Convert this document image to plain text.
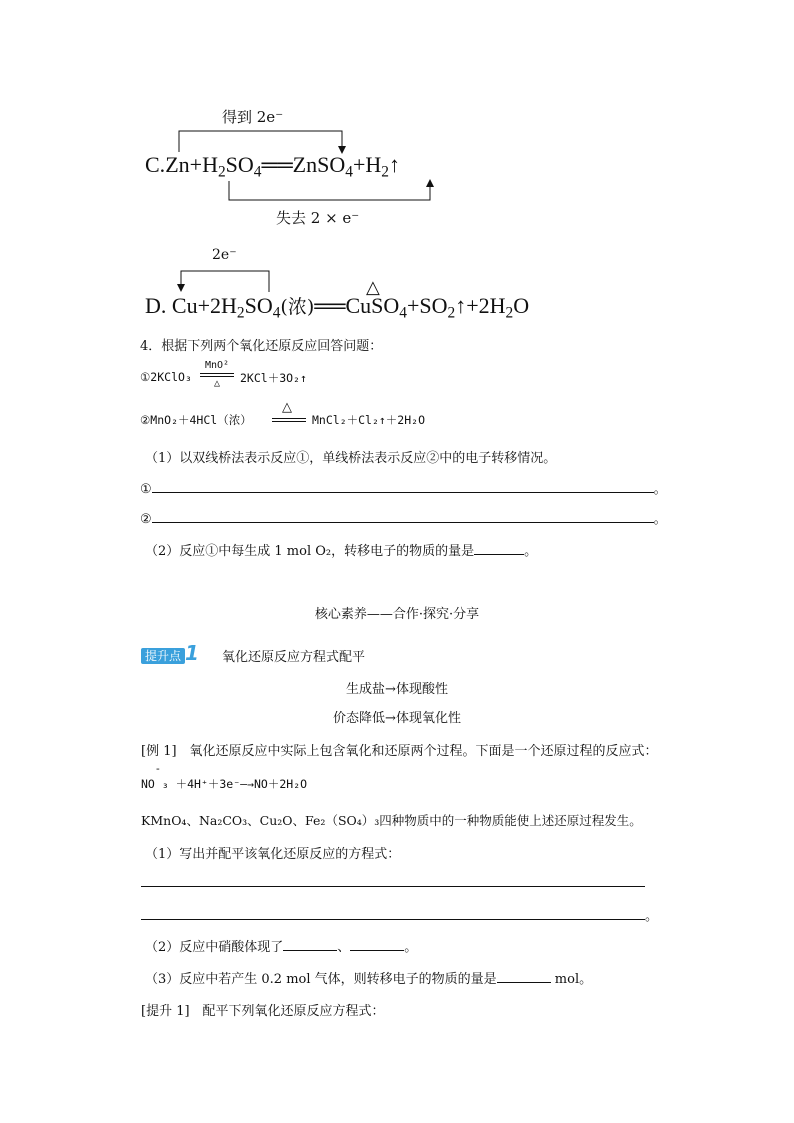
得到 2e⁻
$C.Zn+H_2SO_4══ZnSO_4+H_2↑$
失去 2 × e⁻
2e⁻
△
D. $Cu+2H_2SO_4$(浓)$══CuSO_4+SO_2↑+2H_2O$
4．根据下列两个氧化还原反应回答问题：
①2KClO₃
MnO²
△	2KCl＋3O₂↑
②MnO₂＋4HCl（浓）
△
MnCl₂＋Cl₂↑＋2H₂O
（1）以双线桥法表示反应①，单线桥法表示反应②中的电子转移情况。
①	。
②	。
（2）反应①中每生成 1 mol O₂，转移电子的物质的量是	。
核心素养——合作·探究·分享
提升点 1 氧化还原反应方程式配平
生成盐→体现酸性
价态降低→体现氧化性
[例 1]　氧化还原反应中实际上包含氧化和还原两个过程。下面是一个还原过程的反应式：
-
NO ₃ ＋4H⁺＋3e⁻—→NO＋2H₂O
KMnO₄、Na₂CO₃、Cu₂O、Fe₂（SO₄）₃四种物质中的一种物质能使上述还原过程发生。
（1）写出并配平该氧化还原反应的方程式：
。
（2）反应中硝酸体现了	、	。
（3）反应中若产生 0.2 mol 气体，则转移电子的物质的量是	mol。
[提升 1]　配平下列氧化还原反应方程式：
